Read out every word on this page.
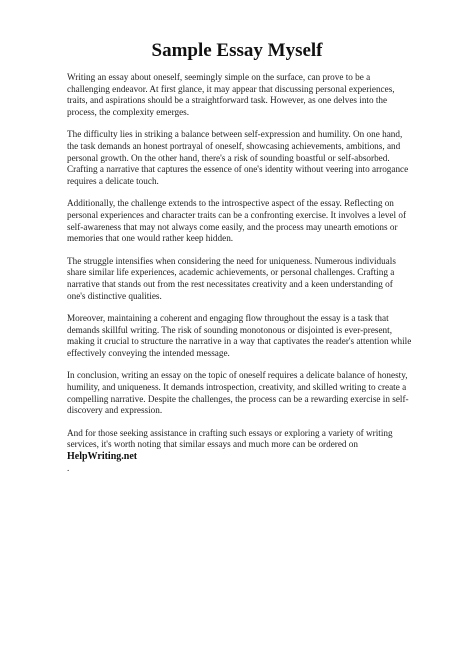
Sample Essay Myself

Writing an essay about oneself, seemingly simple on the surface, can prove to be a challenging endeavor. At first glance, it may appear that discussing personal experiences, traits, and aspirations should be a straightforward task. However, as one delves into the process, the complexity emerges.

The difficulty lies in striking a balance between self-expression and humility. On one hand, the task demands an honest portrayal of oneself, showcasing achievements, ambitions, and personal growth. On the other hand, there's a risk of sounding boastful or self-absorbed. Crafting a narrative that captures the essence of one's identity without veering into arrogance requires a delicate touch.

Additionally, the challenge extends to the introspective aspect of the essay. Reflecting on personal experiences and character traits can be a confronting exercise. It involves a level of self-awareness that may not always come easily, and the process may unearth emotions or memories that one would rather keep hidden.

The struggle intensifies when considering the need for uniqueness. Numerous individuals share similar life experiences, academic achievements, or personal challenges. Crafting a narrative that stands out from the rest necessitates creativity and a keen understanding of one's distinctive qualities.

Moreover, maintaining a coherent and engaging flow throughout the essay is a task that demands skillful writing. The risk of sounding monotonous or disjointed is ever-present, making it crucial to structure the narrative in a way that captivates the reader's attention while effectively conveying the intended message.

In conclusion, writing an essay on the topic of oneself requires a delicate balance of honesty, humility, and uniqueness. It demands introspection, creativity, and skilled writing to create a compelling narrative. Despite the challenges, the process can be a rewarding exercise in self-discovery and expression.

And for those seeking assistance in crafting such essays or exploring a variety of writing services, it's worth noting that similar essays and much more can be ordered on HelpWriting.net
.
